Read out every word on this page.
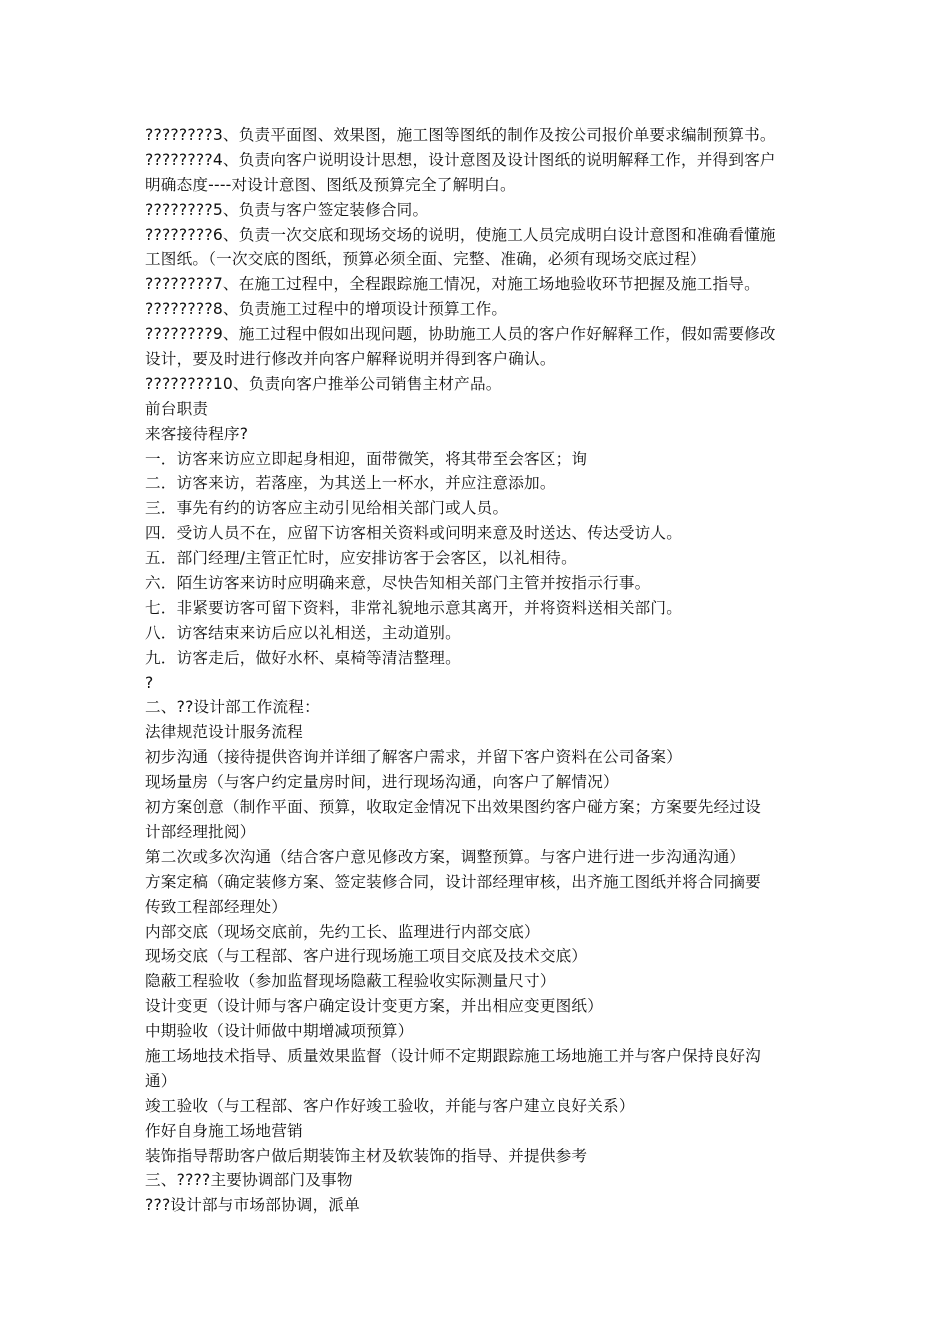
????????3、负责平面图、效果图，施工图等图纸的制作及按公司报价单要求编制预算书。
????????4、负责向客户说明设计思想，设计意图及设计图纸的说明解释工作，并得到客户
明确态度----对设计意图、图纸及预算完全了解明白。
????????5、负责与客户签定装修合同。
????????6、负责一次交底和现场交场的说明，使施工人员完成明白设计意图和准确看懂施
工图纸。（一次交底的图纸，预算必须全面、完整、准确，必须有现场交底过程）
????????7、在施工过程中，全程跟踪施工情况，对施工场地验收环节把握及施工指导。
????????8、负责施工过程中的增项设计预算工作。
????????9、施工过程中假如出现问题，协助施工人员的客户作好解释工作，假如需要修改
设计，要及时进行修改并向客户解释说明并得到客户确认。
????????10、负责向客户推举公司销售主材产品。
前台职责
来客接待程序?
一．访客来访应立即起身相迎，面带微笑，将其带至会客区；询
二．访客来访，若落座，为其送上一杯水，并应注意添加。
三．事先有约的访客应主动引见给相关部门或人员。
四．受访人员不在，应留下访客相关资料或问明来意及时送达、传达受访人。
五．部门经理/主管正忙时，应安排访客于会客区，以礼相待。
六．陌生访客来访时应明确来意，尽快告知相关部门主管并按指示行事。
七．非紧要访客可留下资料，非常礼貌地示意其离开，并将资料送相关部门。
八．访客结束来访后应以礼相送，主动道别。
九．访客走后，做好水杯、桌椅等清洁整理。
?
二、??设计部工作流程：
法律规范设计服务流程
初步沟通（接待提供咨询并详细了解客户需求，并留下客户资料在公司备案）
现场量房（与客户约定量房时间，进行现场沟通，向客户了解情况）
初方案创意（制作平面、预算，收取定金情况下出效果图约客户碰方案；方案要先经过设
计部经理批阅）
第二次或多次沟通（结合客户意见修改方案，调整预算。与客户进行进一步沟通沟通）
方案定稿（确定装修方案、签定装修合同，设计部经理审核，出齐施工图纸并将合同摘要
传致工程部经理处）
内部交底（现场交底前，先约工长、监理进行内部交底）
现场交底（与工程部、客户进行现场施工项目交底及技术交底）
隐蔽工程验收（参加监督现场隐蔽工程验收实际测量尺寸）
设计变更（设计师与客户确定设计变更方案，并出相应变更图纸）
中期验收（设计师做中期增减项预算）
施工场地技术指导、质量效果监督（设计师不定期跟踪施工场地施工并与客户保持良好沟
通）
竣工验收（与工程部、客户作好竣工验收，并能与客户建立良好关系）
作好自身施工场地营销
装饰指导帮助客户做后期装饰主材及软装饰的指导、并提供参考
三、????主要协调部门及事物
???设计部与市场部协调，派单
